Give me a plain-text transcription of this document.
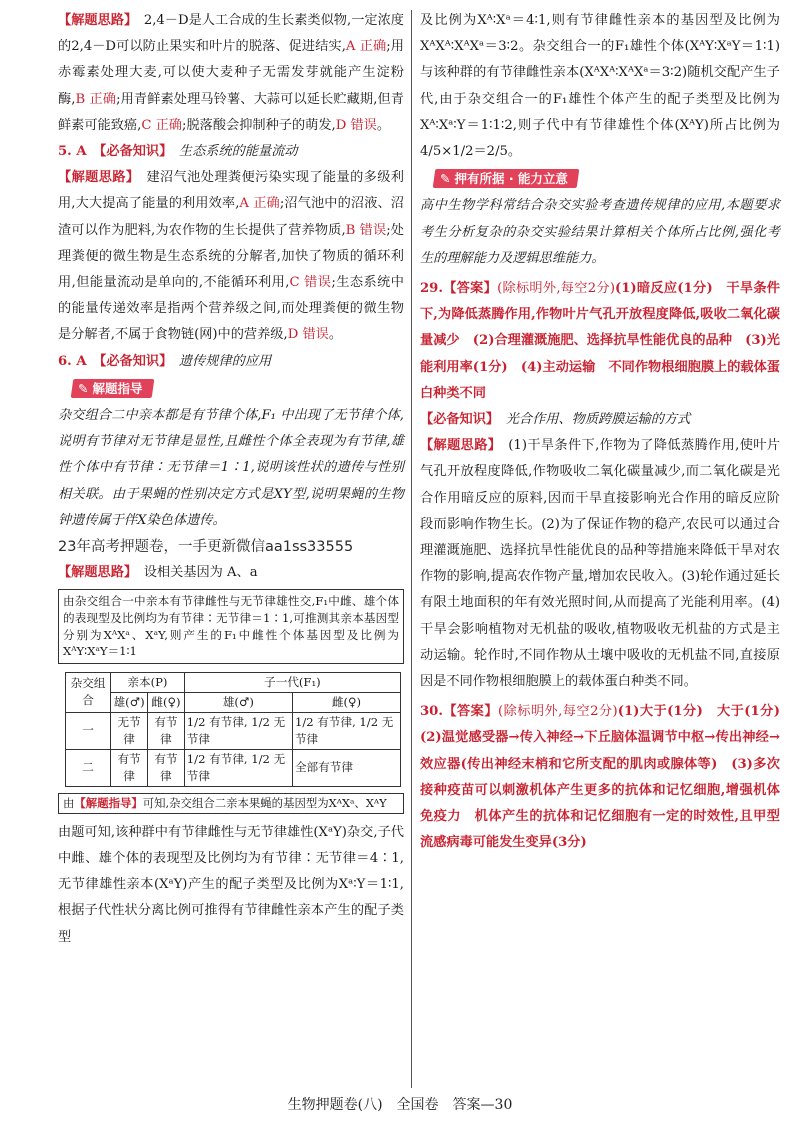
【解题思路】　 2,4－D是人工合成的生长素类似物,一定浓度的2,4－D可以防止果实和叶片的脱落、促进结实,A 正确;用赤霉素处理大麦,可以使大麦种子无需发芽就能产生淀粉酶,B 正确;用青鲜素处理马铃薯、大蒜可以延长贮藏期,但青鲜素可能致癌,C 正确;脱落酸会抑制种子的萌发,D 错误。

5. A　 【必备知识】　 生态系统的能量流动

【解题思路】　 建沼气池处理粪便污染实现了能量的多级利用,大大提高了能量的利用效率,A 正确;沼气池中的沼液、沼渣可以作为肥料,为农作物的生长提供了营养物质,B 错误;处理粪便的微生物是生态系统的分解者,加快了物质的循环利用,但能量流动是单向的,不能循环利用,C 错误;生态系统中的能量传递效率是指两个营养级之间,而处理粪便的微生物是分解者,不属于食物链(网)中的营养级,D 错误。

6. A　 【必备知识】　 遗传规律的应用

✎ 解题指导

杂交组合二中亲本都是有节律个体,F₁ 中出现了无节律个体,说明有节律对无节律是显性,且雌性个体全表现为有节律,雄性个体中有节律∶无节律＝1∶1,说明该性状的遗传与性别相关联。由于果蝇的性别决定方式是XY型,说明果蝇的生物钟遗传属于伴X染色体遗传。

23年高考押题卷，一手更新微信aa1ss33555

【解题思路】　 设相关基因为 A、a

由杂交组合一中亲本有节律雌性与无节律雄性交,F₁中雌、雄个体的表现型及比例均为有节律∶无节律＝1∶1,可推测其亲本基因型分别为XᴬXᵃ、XᵃY,则产生的F₁中雌性个体基因型及比例为XᴬY∶XᵃY＝1∶1
杂交组合	亲本(P)		子一代(F₁)	
	雄(♂)	雌(♀)	雄(♂)	雌(♀)
一	无节律	有节律	1/2 有节律, 1/2 无节律	1/2 有节律, 1/2 无节律
二	有节律	有节律	1/2 有节律, 1/2 无节律	全部有节律
由【解题指导】可知,杂交组合二亲本果蝇的基因型为XᴬXᵃ、XᴬY

由题可知,该种群中有节律雌性与无节律雄性(XᵃY)杂交,子代中雌、雄个体的表现型及比例均为有节律∶无节律＝4∶1,无节律雄性亲本(XᵃY)产生的配子类型及比例为Xᵃ∶Y＝1∶1,根据子代性状分离比例可推得有节律雌性亲本产生的配子类型

及比例为Xᴬ∶Xᵃ＝4∶1,则有节律雌性亲本的基因型及比例为XᴬXᴬ∶XᴬXᵃ＝3∶2。杂交组合一的F₁雄性个体(XᴬY∶XᵃY＝1∶1)与该种群的有节律雌性亲本(XᴬXᴬ∶XᴬXᵃ＝3∶2)随机交配产生子代,由于杂交组合一的F₁雄性个体产生的配子类型及比例为Xᴬ∶Xᵃ∶Y＝1∶1∶2,则子代中有节律雄性个体(XᴬY)所占比例为4/5×1/2＝2/5。

✎ 押有所据 · 能力立意

高中生物学科常结合杂交实验考查遗传规律的应用,本题要求考生分析复杂的杂交实验结果计算相关个体所占比例,强化考生的理解能力及逻辑思维能力。

29.【答案】(除标明外,每空2分)(1)暗反应(1分)　干旱条件下,为降低蒸腾作用,作物叶片气孔开放程度降低,吸收二氧化碳量减少　(2)合理灌溉施肥、选择抗旱性能优良的品种　(3)光能利用率(1分)　(4)主动运输　不同作物根细胞膜上的载体蛋白种类不同

【必备知识】　 光合作用、物质跨膜运输的方式

【解题思路】　 (1)干旱条件下,作物为了降低蒸腾作用,使叶片气孔开放程度降低,作物吸收二氧化碳量减少,而二氧化碳是光合作用暗反应的原料,因而干旱直接影响光合作用的暗反应阶段而影响作物生长。(2)为了保证作物的稳产,农民可以通过合理灌溉施肥、选择抗旱性能优良的品种等措施来降低干旱对农作物的影响,提高农作物产量,增加农民收入。(3)轮作通过延长有限土地面积的年有效光照时间,从而提高了光能利用率。(4)干旱会影响植物对无机盐的吸收,植物吸收无机盐的方式是主动运输。轮作时,不同作物从土壤中吸收的无机盐不同,直接原因是不同作物根细胞膜上的载体蛋白种类不同。

30.【答案】(除标明外,每空2分)(1)大于(1分)　大于(1分)　(2)温觉感受器→传入神经→下丘脑体温调节中枢→传出神经→效应器(传出神经末梢和它所支配的肌肉或腺体等)　(3)多次接种疫苗可以刺激机体产生更多的抗体和记忆细胞,增强机体免疫力　机体产生的抗体和记忆细胞有一定的时效性,且甲型流感病毒可能发生变异(3分)

生物押题卷(八)　全国卷　答案—30
